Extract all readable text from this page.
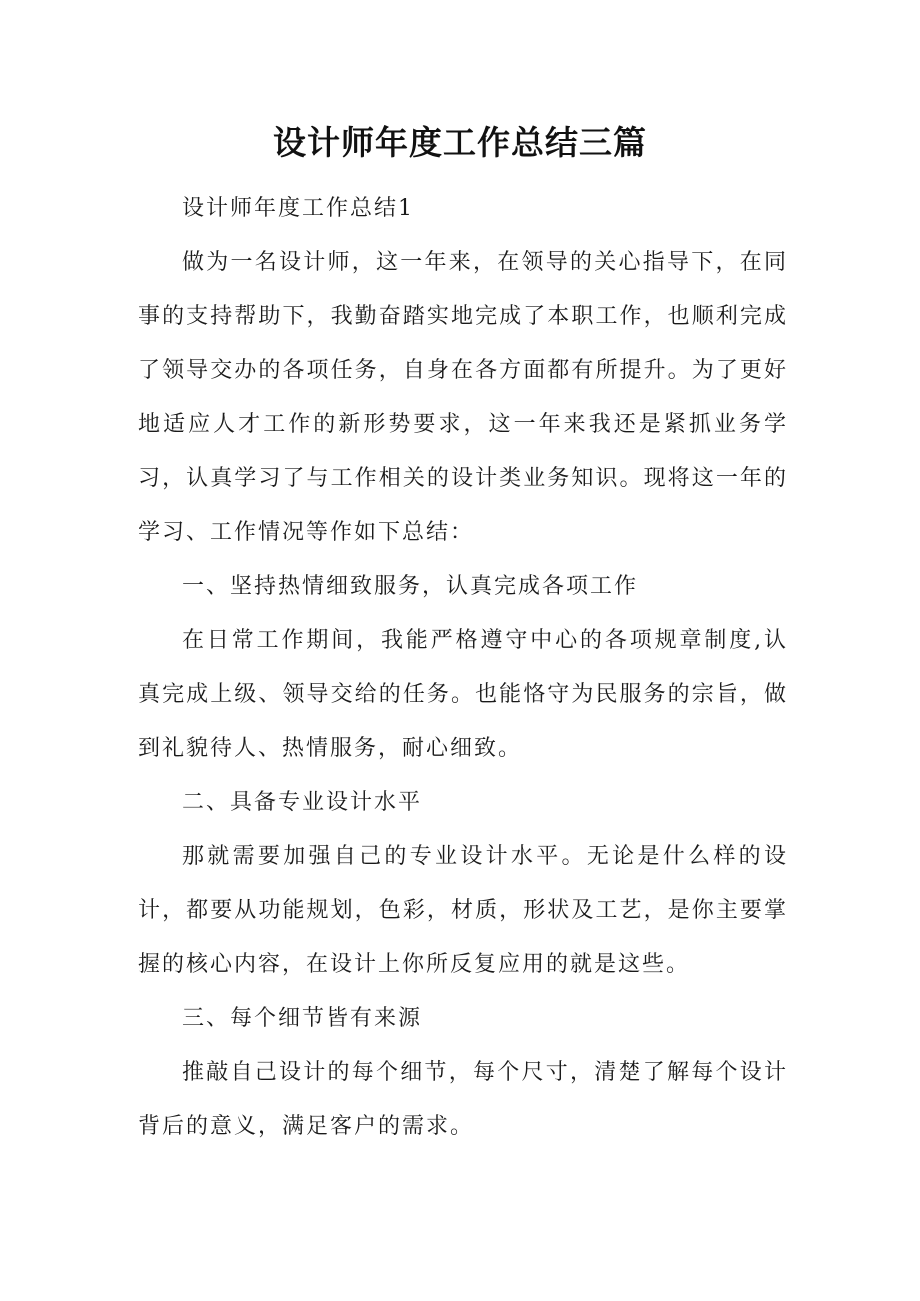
设计师年度工作总结三篇

设计师年度工作总结1

做为一名设计师，这一年来，在领导的关心指导下，在同事的支持帮助下，我勤奋踏实地完成了本职工作，也顺利完成了领导交办的各项任务，自身在各方面都有所提升。为了更好地适应人才工作的新形势要求，这一年来我还是紧抓业务学习，认真学习了与工作相关的设计类业务知识。现将这一年的学习、工作情况等作如下总结：

一、坚持热情细致服务，认真完成各项工作

在日常工作期间，我能严格遵守中心的各项规章制度,认真完成上级、领导交给的任务。也能恪守为民服务的宗旨，做到礼貌待人、热情服务，耐心细致。

二、具备专业设计水平

那就需要加强自己的专业设计水平。无论是什么样的设计，都要从功能规划，色彩，材质，形状及工艺，是你主要掌握的核心内容，在设计上你所反复应用的就是这些。

三、每个细节皆有来源

推敲自己设计的每个细节，每个尺寸，清楚了解每个设计背后的意义，满足客户的需求。
